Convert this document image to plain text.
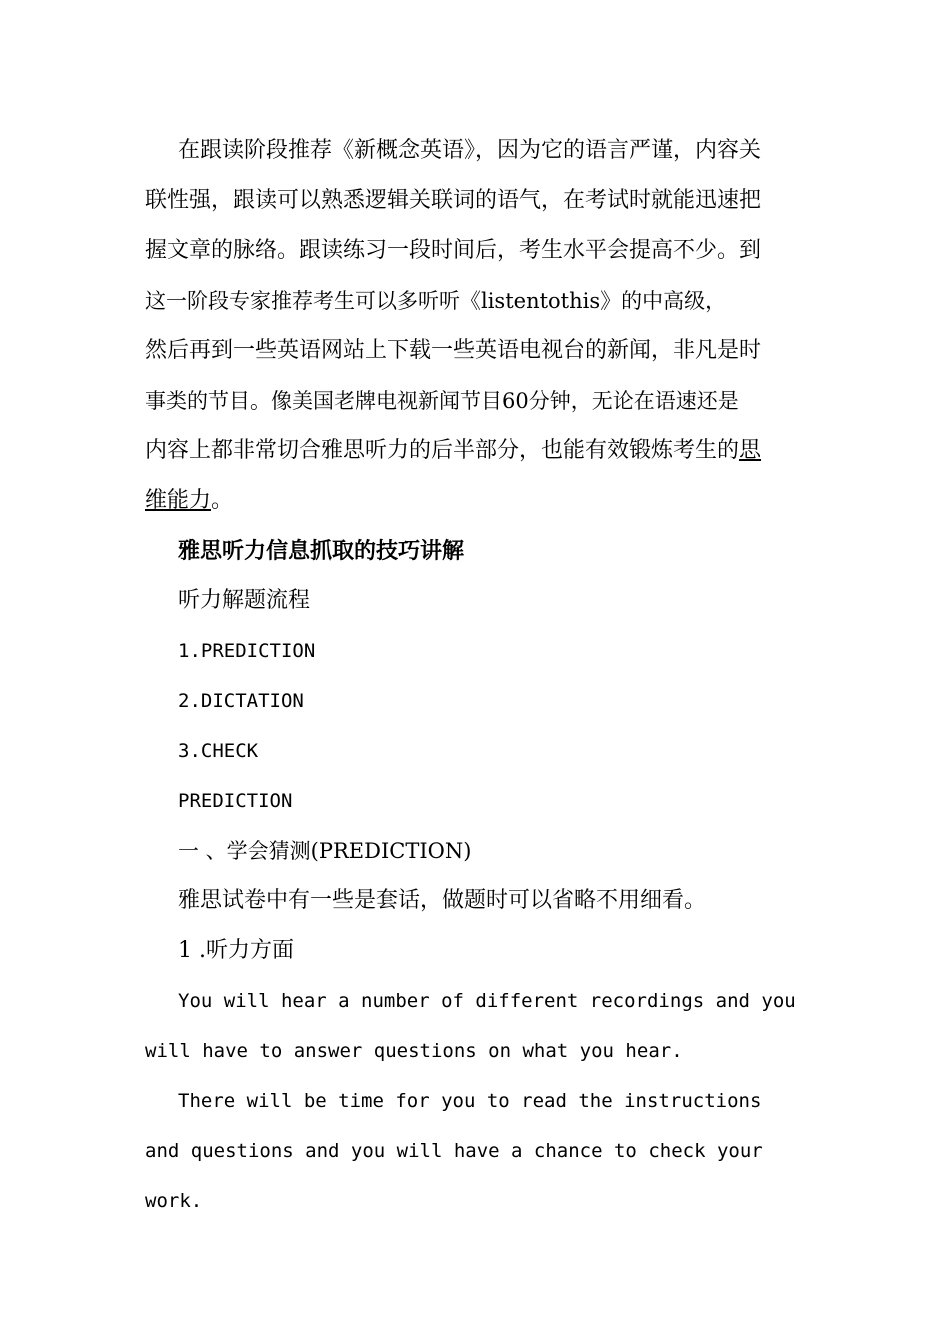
在跟读阶段推荐《新概念英语》，因为它的语言严谨，内容关
联性强，跟读可以熟悉逻辑关联词的语气，在考试时就能迅速把
握文章的脉络。跟读练习一段时间后，考生水平会提高不少。到
这一阶段专家推荐考生可以多听听《listentothis》的中高级，
然后再到一些英语网站上下载一些英语电视台的新闻，非凡是时
事类的节目。像美国老牌电视新闻节目60分钟，无论在语速还是
内容上都非常切合雅思听力的后半部分，也能有效锻炼考生的思
维能力。
雅思听力信息抓取的技巧讲解
听力解题流程
1.PREDICTION
2.DICTATION
3.CHECK
PREDICTION
一 、学会猜测(PREDICTION)
雅思试卷中有一些是套话，做题时可以省略不用细看。
1 .听力方面
You will hear a number of different recordings and you
will have to answer questions on what you hear.
There will be time for you to read the instructions
and questions and you will have a chance to check your
work.
